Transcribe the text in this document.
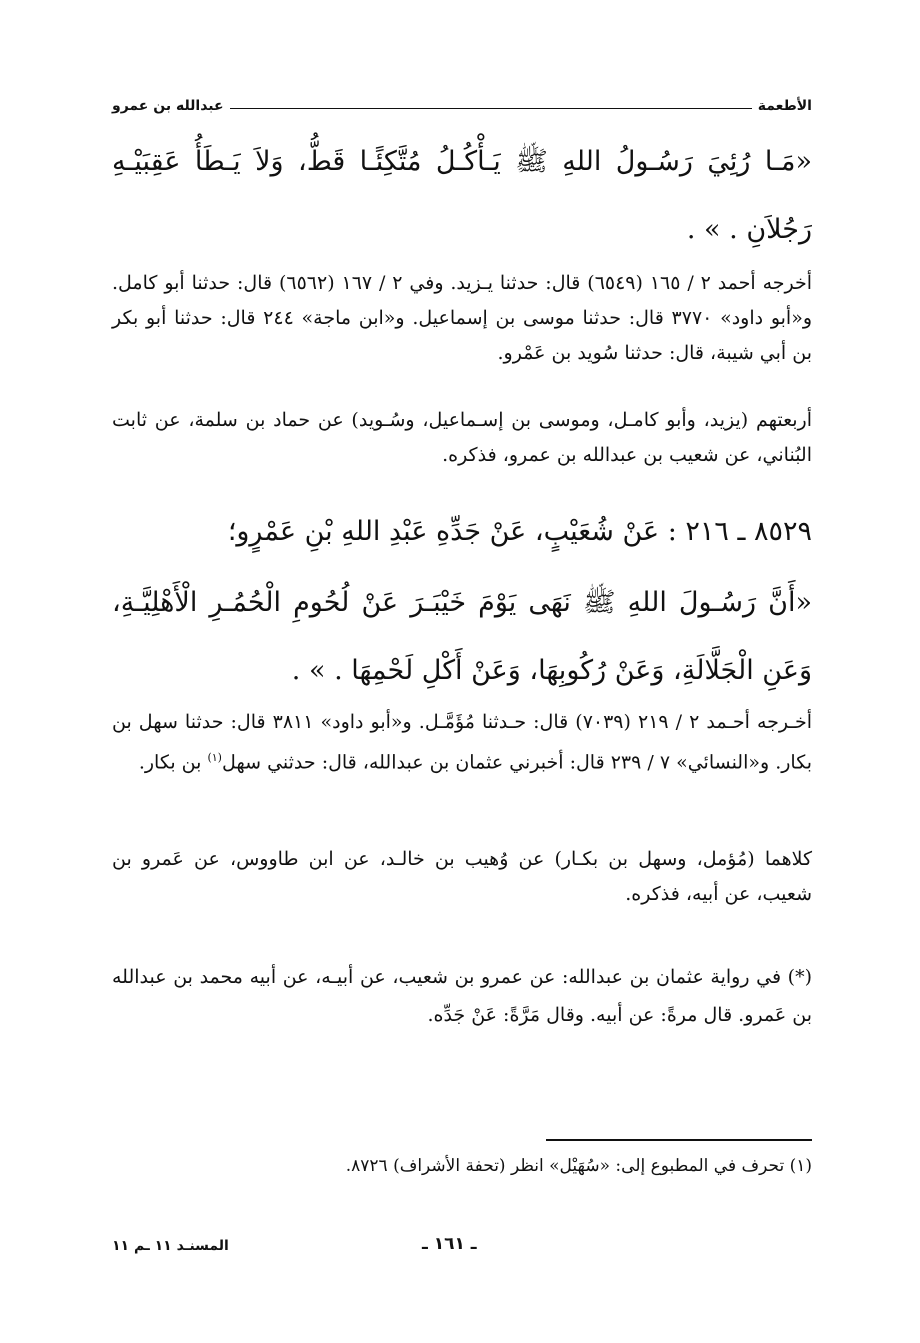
الأطعمة
عبدالله بن عمرو
«مَـا رُئِيَ رَسُـولُ اللهِ ﷺ يَـأْكُـلُ مُتَّكِئًـا قَطُّ، وَلاَ يَـطَأُ عَقِبَيْـهِ رَجُلاَنِ . » .
أخرجه أحمد ٢ / ١٦٥ (٦٥٤٩) قال: حدثنا يـزيد. وفي ٢ / ١٦٧ (٦٥٦٢) قال: حدثنا أبو كامل. و«أبو داود» ٣٧٧٠ قال: حدثنا موسى بن إسماعيل. و«ابن ماجة» ٢٤٤ قال: حدثنا أبو بكر بن أبي شيبة، قال: حدثنا سُويد بن عَمْرو.
أربعتهم (يزيد، وأبو كامـل، وموسى بن إسـماعيل، وسُـويد) عن حماد بن سلمة، عن ثابت البُناني، عن شعيب بن عبدالله بن عمرو، فذكره.
٨٥٢٩ ـ ٢١٦ : عَنْ شُعَيْبٍ، عَنْ جَدِّهِ عَبْدِ اللهِ بْنِ عَمْرٍو؛
«أَنَّ رَسُـولَ اللهِ ﷺ نَهَى يَوْمَ خَيْبَـرَ عَنْ لُحُومِ الْحُمُـرِ الْأَهْلِيَّـةِ، وَعَنِ الْجَلَّالَةِ، وَعَنْ رُكُوبِهَا، وَعَنْ أَكْلِ لَحْمِهَا . » .
أخـرجه أحـمد ٢ / ٢١٩ (٧٠٣٩) قال: حـدثنا مُؤَمَّـل. و«أبو داود» ٣٨١١ قال: حدثنا سهل بن بكار. و«النسائي» ٧ / ٢٣٩ قال: أخبرني عثمان بن عبدالله، قال: حدثني سهل$^{(١)}$ بن بكار.
كلاهما (مُؤمل، وسهل بن بكـار) عن وُهيب بن خالـد، عن ابن طاووس، عن عَمرو بن شعيب، عن أبيه، فذكره.
(*) في رواية عثمان بن عبدالله: عن عمرو بن شعيب، عن أبيـه، عن أبيه محمد بن عبدالله بن عَمرو. قال مرةً: عن أبيه. وقال مَرَّةً: عَنْ جَدِّه.
(١) تحرف في المطبوع إلى: «سُهَيْل» انظر (تحفة الأشراف) ٨٧٢٦.
المسنـد ١١ ـم ١١	ـ ١٦١ ـ
